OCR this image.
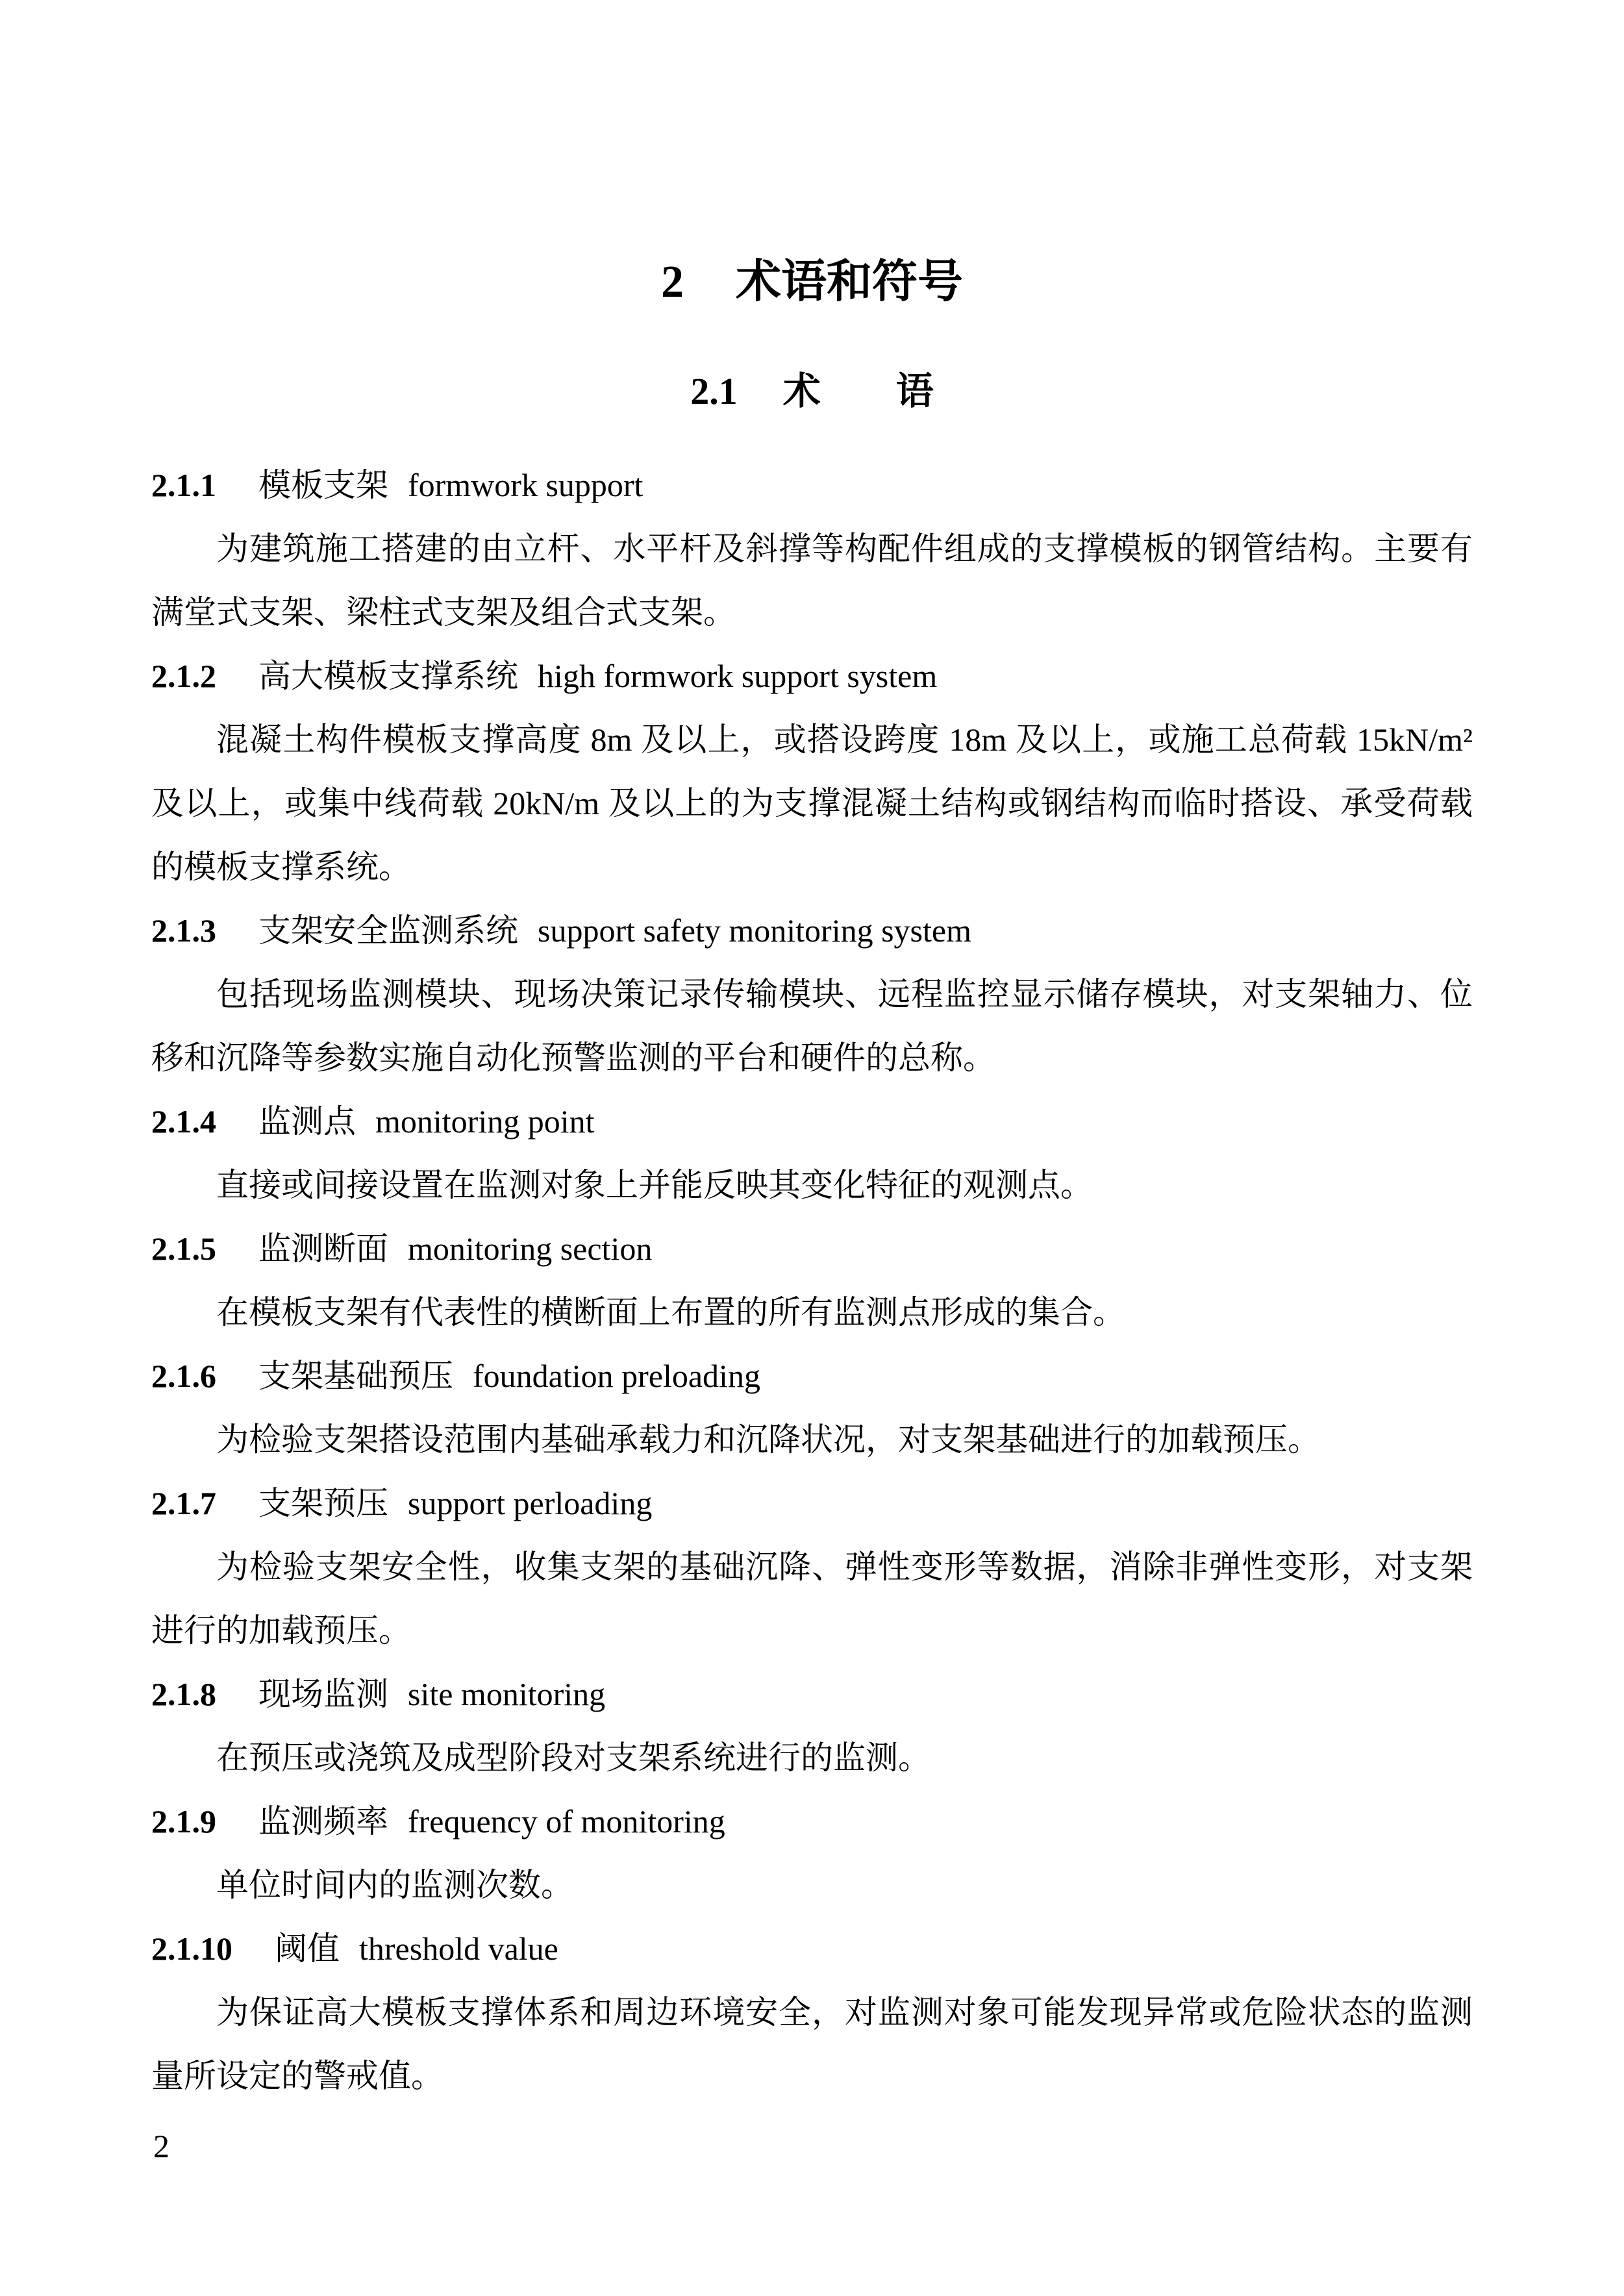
2 术语和符号
2.1 术　　语

2.1.1 模板支架 formwork support

为建筑施工搭建的由立杆、水平杆及斜撑等构配件组成的支撑模板的钢管结构。主要有满堂式支架、梁柱式支架及组合式支架。

2.1.2 高大模板支撑系统 high formwork support system

混凝土构件模板支撑高度 8m 及以上，或搭设跨度 18m 及以上，或施工总荷载 15kN/m² 及以上，或集中线荷载 20kN/m 及以上的为支撑混凝土结构或钢结构而临时搭设、承受荷载的模板支撑系统。

2.1.3 支架安全监测系统 support safety monitoring system

包括现场监测模块、现场决策记录传输模块、远程监控显示储存模块，对支架轴力、位移和沉降等参数实施自动化预警监测的平台和硬件的总称。

2.1.4 监测点 monitoring point

直接或间接设置在监测对象上并能反映其变化特征的观测点。

2.1.5 监测断面 monitoring section

在模板支架有代表性的横断面上布置的所有监测点形成的集合。

2.1.6 支架基础预压 foundation preloading

为检验支架搭设范围内基础承载力和沉降状况，对支架基础进行的加载预压。

2.1.7 支架预压 support perloading

为检验支架安全性，收集支架的基础沉降、弹性变形等数据，消除非弹性变形，对支架进行的加载预压。

2.1.8 现场监测 site monitoring

在预压或浇筑及成型阶段对支架系统进行的监测。

2.1.9 监测频率 frequency of monitoring

单位时间内的监测次数。

2.1.10 阈值 threshold value

为保证高大模板支撑体系和周边环境安全，对监测对象可能发现异常或危险状态的监测量所设定的警戒值。

2
